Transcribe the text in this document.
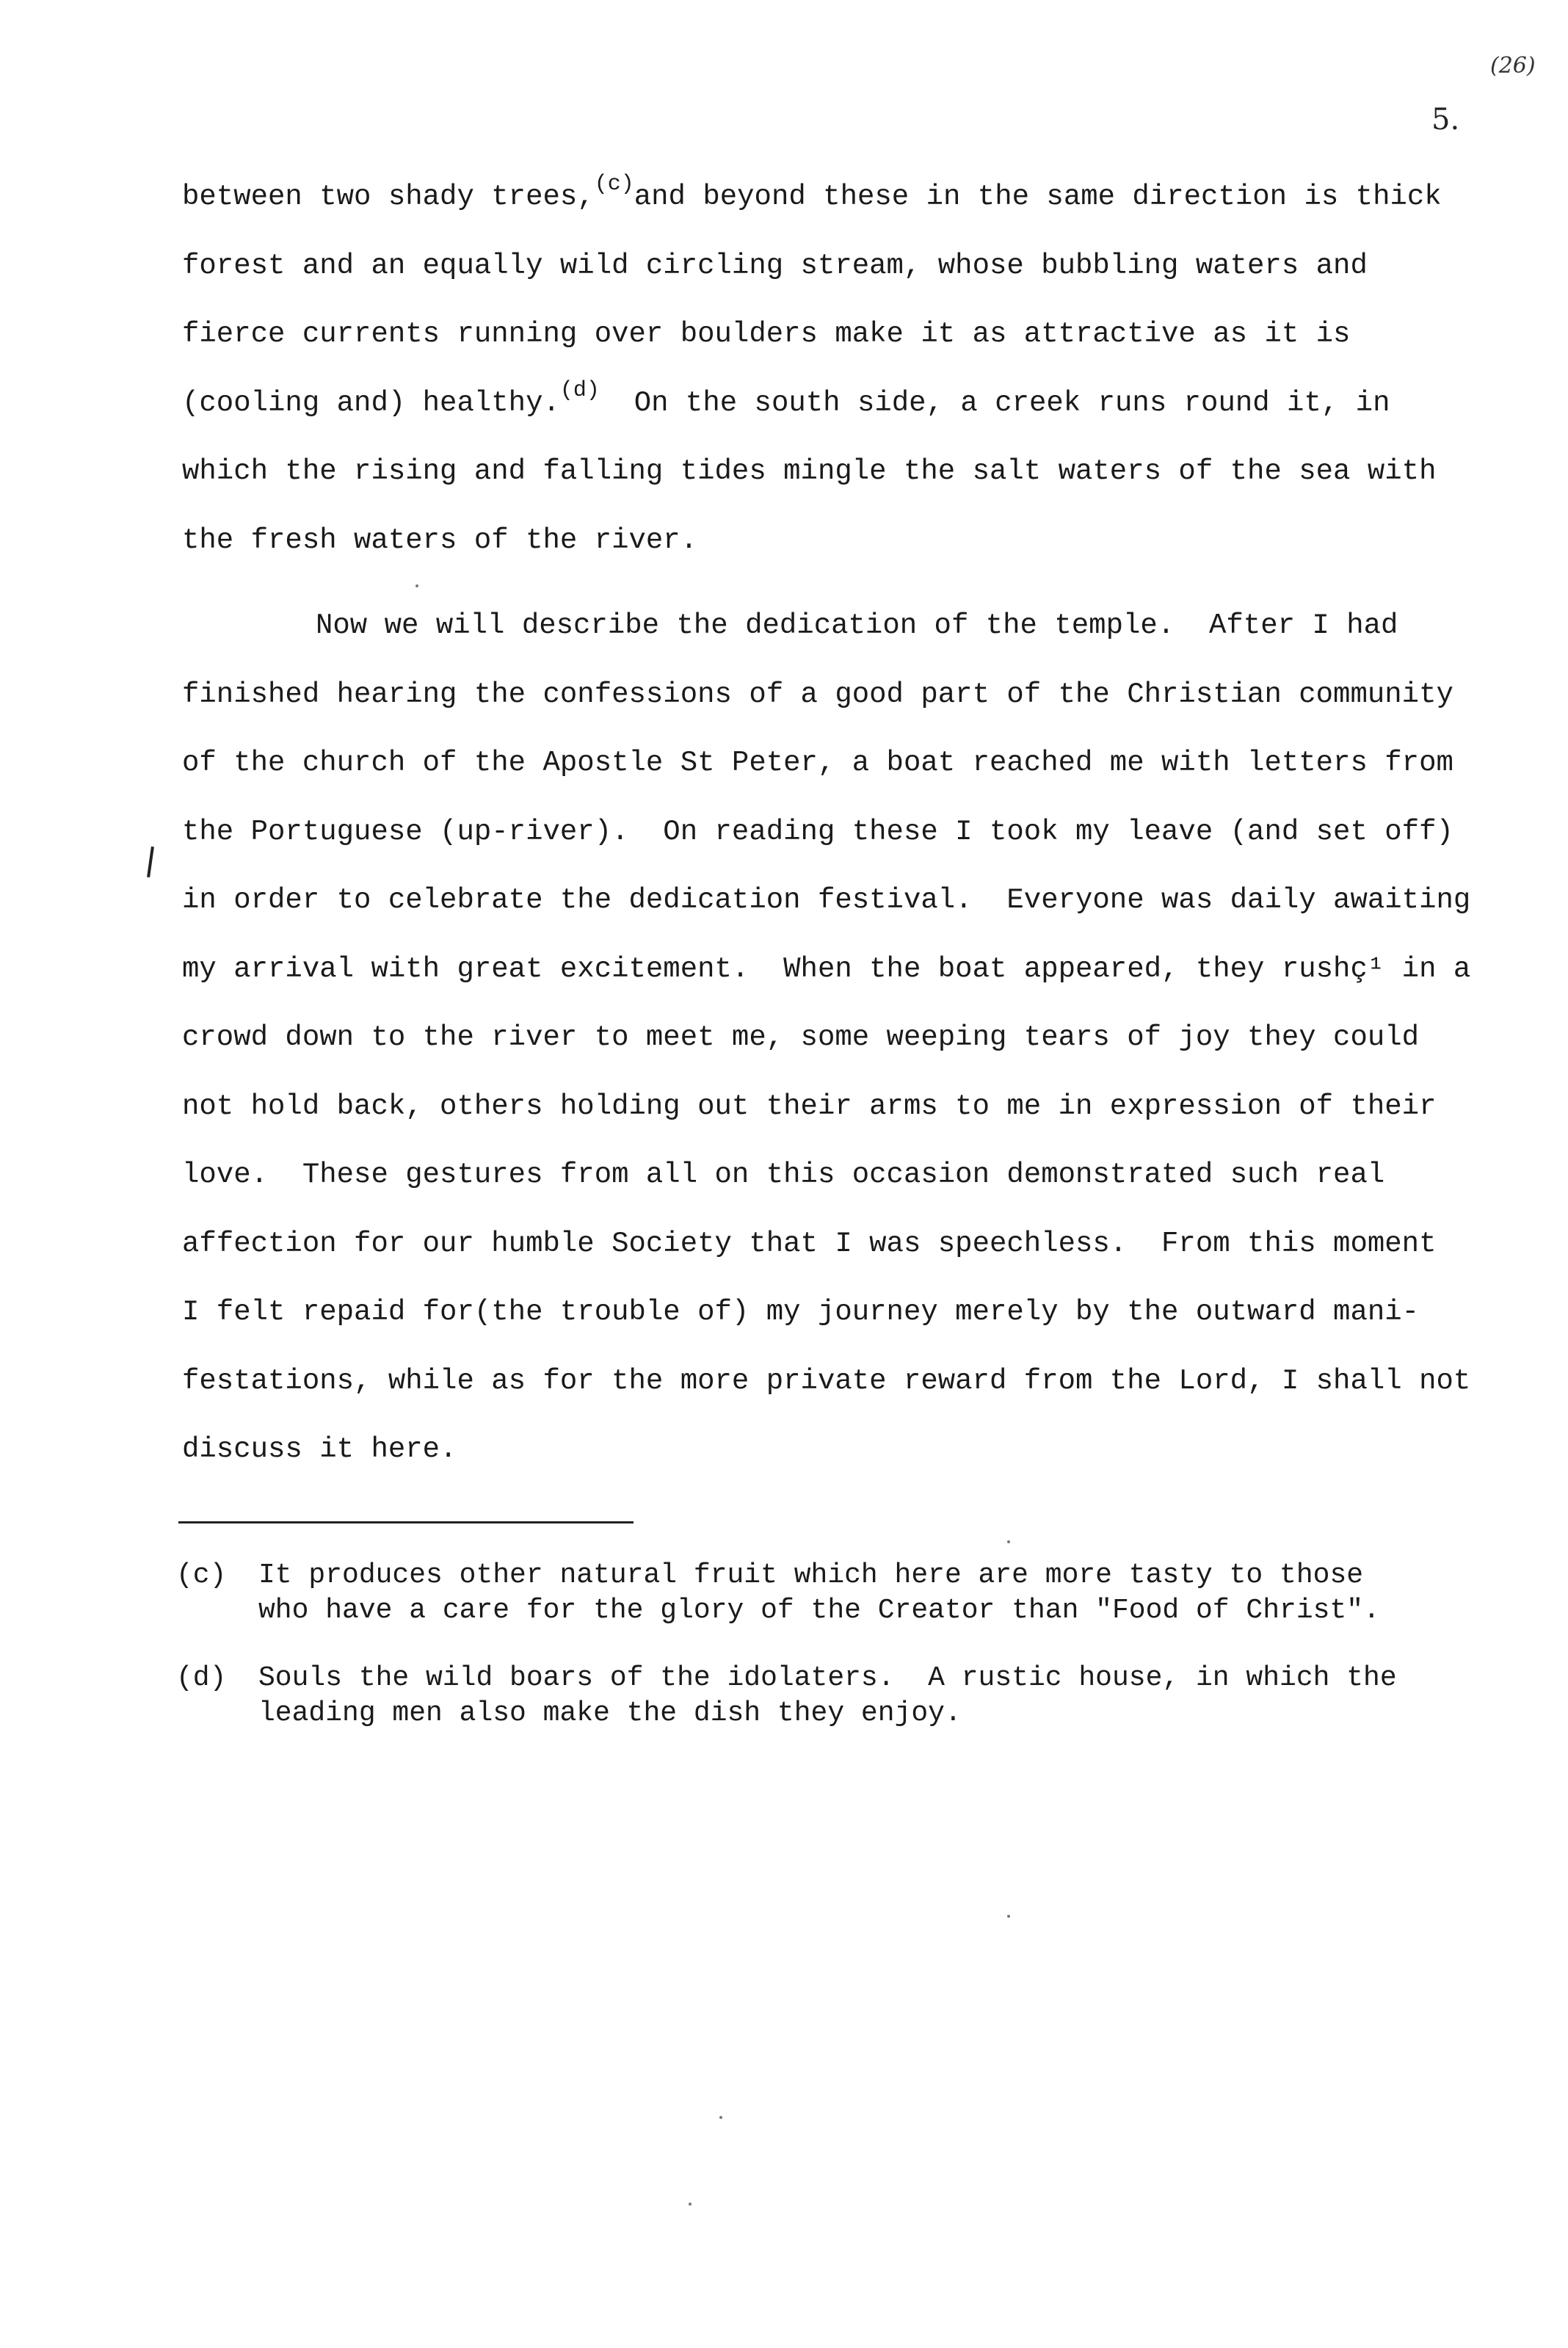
(26)
5.
between two shady trees,$^{(c)}$and beyond these in the same direction is thick
forest and an equally wild circling stream, whose bubbling waters and
fierce currents running over boulders make it as attractive as it is
(cooling and) healthy.$^{(d)}$  On the south side, a creek runs round it, in
which the rising and falling tides mingle the salt waters of the sea with
the fresh waters of the river.
Now we will describe the dedication of the temple.  After I had
finished hearing the confessions of a good part of the Christian community
of the church of the Apostle St Peter, a boat reached me with letters from
the Portuguese (up-river).  On reading these I took my leave (and set off)
in order to celebrate the dedication festival.  Everyone was daily awaiting
my arrival with great excitement.  When the boat appeared, they rushç¹ in a
crowd down to the river to meet me, some weeping tears of joy they could
not hold back, others holding out their arms to me in expression of their
love.  These gestures from all on this occasion demonstrated such real
affection for our humble Society that I was speechless.  From this moment
I felt repaid for(the trouble of) my journey merely by the outward mani-
festations, while as for the more private reward from the Lord, I shall not
discuss it here.
(c)	It produces other natural fruit which here are more tasty to those
who have a care for the glory of the Creator than "Food of Christ".
(d)	Souls the wild boars of the idolaters.  A rustic house, in which the
leading men also make the dish they enjoy.
